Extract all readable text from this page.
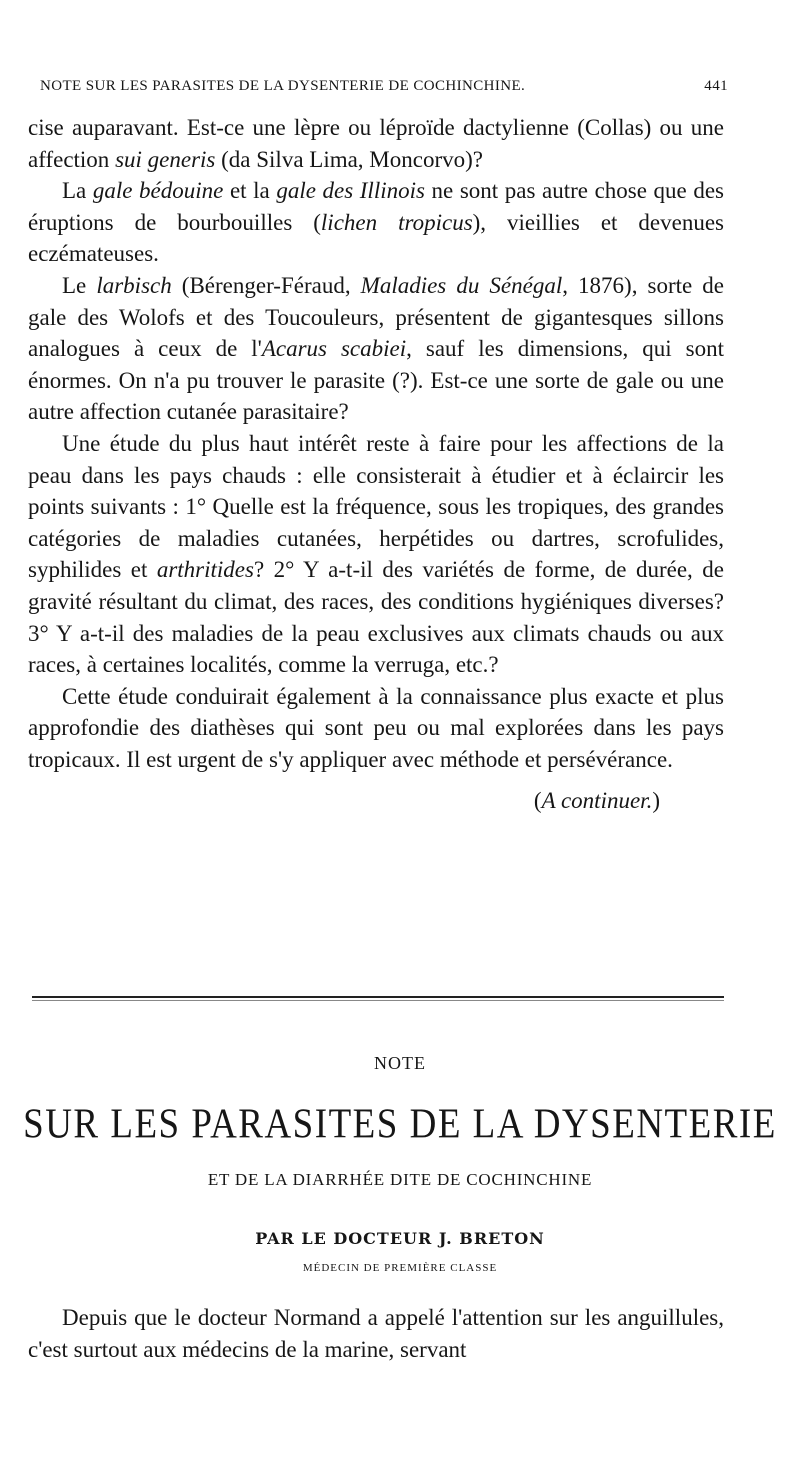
NOTE SUR LES PARASITES DE LA DYSENTERIE DE COCHINCHINE.	441

cise auparavant. Est-ce une lèpre ou léproïde dactylienne (Collas) ou une affection sui generis (da Silva Lima, Moncorvo)?

La gale bédouine et la gale des Illinois ne sont pas autre chose que des éruptions de bourbouilles (lichen tropicus), vieillies et devenues eczémateuses.

Le larbisch (Bérenger-Féraud, Maladies du Sénégal, 1876), sorte de gale des Wolofs et des Toucouleurs, présentent de gigantesques sillons analogues à ceux de l'Acarus scabiei, sauf les dimensions, qui sont énormes. On n'a pu trouver le parasite (?). Est-ce une sorte de gale ou une autre affection cutanée parasitaire?

Une étude du plus haut intérêt reste à faire pour les affections de la peau dans les pays chauds : elle consisterait à étudier et à éclaircir les points suivants : 1° Quelle est la fréquence, sous les tropiques, des grandes catégories de maladies cutanées, herpétides ou dartres, scrofulides, syphilides et arthritides? 2° Y a-t-il des variétés de forme, de durée, de gravité résultant du climat, des races, des conditions hygiéniques diverses? 3° Y a-t-il des maladies de la peau exclusives aux climats chauds ou aux races, à certaines localités, comme la verruga, etc.?

Cette étude conduirait également à la connaissance plus exacte et plus approfondie des diathèses qui sont peu ou mal explorées dans les pays tropicaux. Il est urgent de s'y appliquer avec méthode et persévérance.

(A continuer.)

NOTE
SUR LES PARASITES DE LA DYSENTERIE
ET DE LA DIARRHÉE DITE DE COCHINCHINE
PAR LE DOCTEUR J. BRETON
MÉDECIN DE PREMIÈRE CLASSE

Depuis que le docteur Normand a appelé l'attention sur les anguillules, c'est surtout aux médecins de la marine, servant
